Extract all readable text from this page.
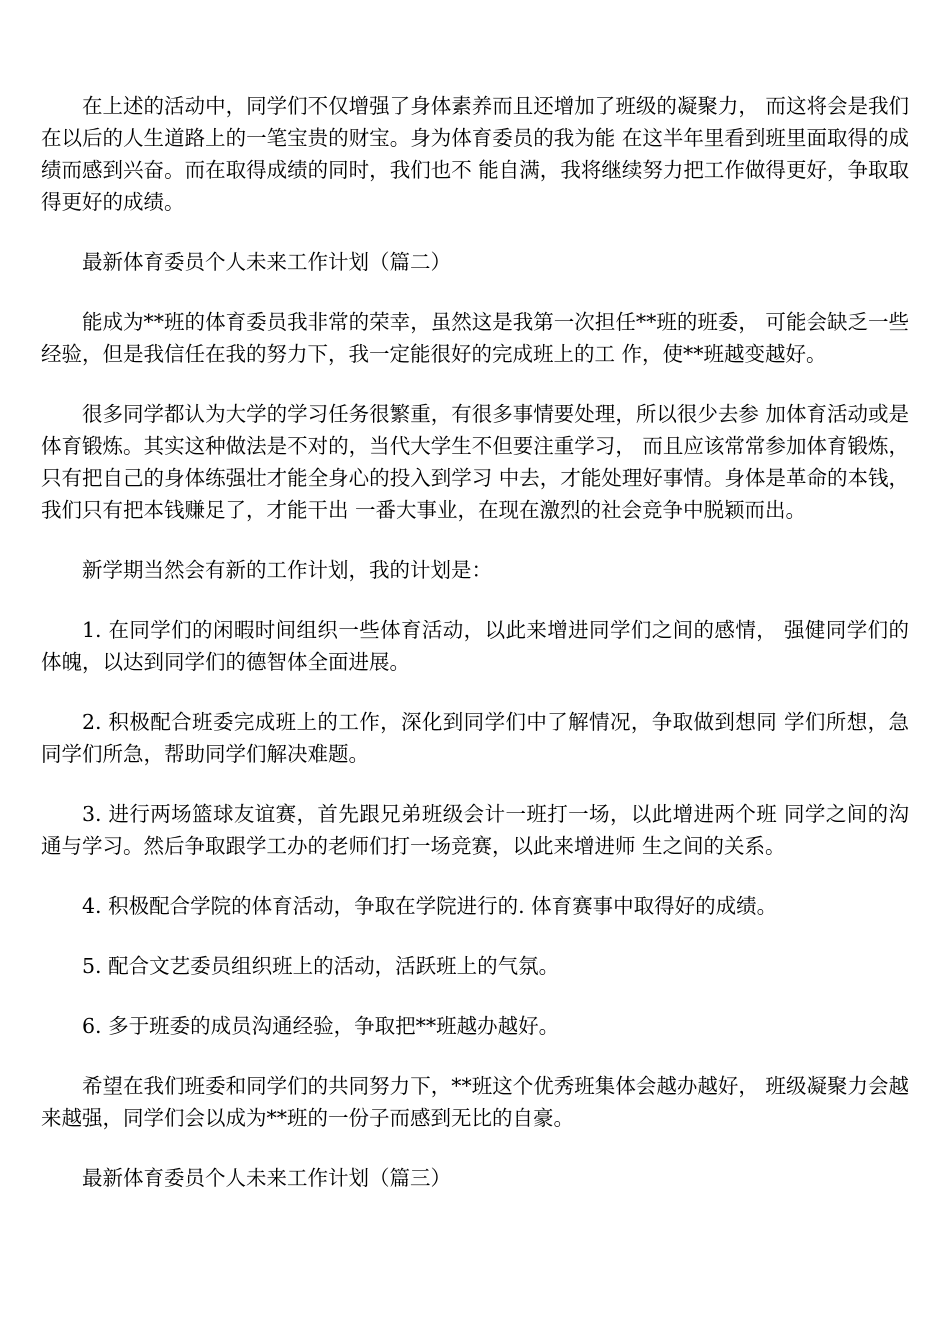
在上述的活动中，同学们不仅增强了身体素养而且还增加了班级的凝聚力， 而这将会是我们在以后的人生道路上的一笔宝贵的财宝。身为体育委员的我为能 在这半年里看到班里面取得的成绩而感到兴奋。而在取得成绩的同时，我们也不 能自满，我将继续努力把工作做得更好，争取取得更好的成绩。

最新体育委员个人未来工作计划（篇二）

能成为**班的体育委员我非常的荣幸，虽然这是我第一次担任**班的班委， 可能会缺乏一些经验，但是我信任在我的努力下，我一定能很好的完成班上的工 作，使**班越变越好。

很多同学都认为大学的学习任务很繁重，有很多事情要处理，所以很少去参 加体育活动或是体育锻炼。其实这种做法是不对的，当代大学生不但要注重学习， 而且应该常常参加体育锻炼，只有把自己的身体练强壮才能全身心的投入到学习 中去，才能处理好事情。身体是革命的本钱，我们只有把本钱赚足了，才能干出 一番大事业，在现在激烈的社会竞争中脱颖而出。

新学期当然会有新的工作计划，我的计划是：

1. 在同学们的闲暇时间组织一些体育活动，以此来增进同学们之间的感情， 强健同学们的体魄，以达到同学们的德智体全面进展。

2. 积极配合班委完成班上的工作，深化到同学们中了解情况，争取做到想同 学们所想，急同学们所急，帮助同学们解决难题。

3. 进行两场篮球友谊赛，首先跟兄弟班级会计一班打一场，以此增进两个班 同学之间的沟通与学习。然后争取跟学工办的老师们打一场竞赛，以此来增进师 生之间的关系。

4. 积极配合学院的体育活动，争取在学院进行的. 体育赛事中取得好的成绩。

5. 配合文艺委员组织班上的活动，活跃班上的气氛。

6. 多于班委的成员沟通经验，争取把**班越办越好。

希望在我们班委和同学们的共同努力下，**班这个优秀班集体会越办越好， 班级凝聚力会越来越强，同学们会以成为**班的一份子而感到无比的自豪。

最新体育委员个人未来工作计划（篇三）
